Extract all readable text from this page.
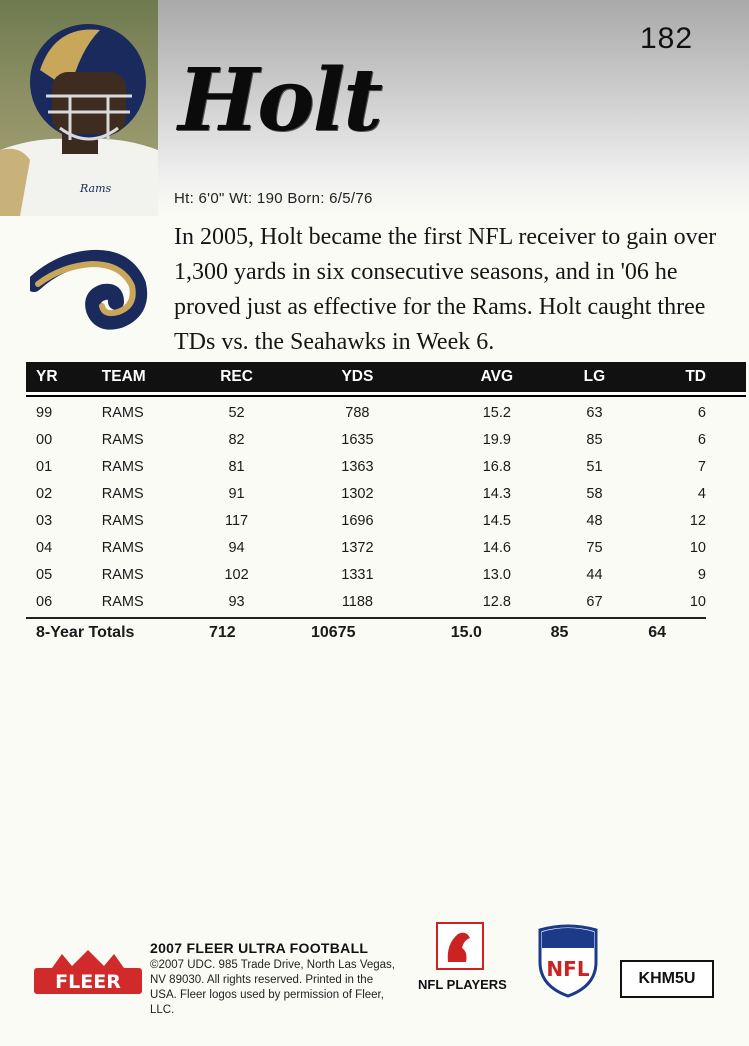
Rams
182
Holt
Ht: 6'0" Wt: 190 Born: 6/5/76
In 2005, Holt became the first NFL receiver to gain over 1,300 yards in six consecutive seasons, and in '06 he proved just as effective for the Rams. Holt caught three TDs vs. the Seahawks in Week 6.
YR	TEAM	REC	YDS	AVG	LG	TD
99	RAMS	52	788	15.2	63	6
00	RAMS	82	1635	19.9	85	6
01	RAMS	81	1363	16.8	51	7
02	RAMS	91	1302	14.3	58	4
03	RAMS	117	1696	14.5	48	12
04	RAMS	94	1372	14.6	75	10
05	RAMS	102	1331	13.0	44	9
06	RAMS	93	1188	12.8	67	10
8-Year Totals	712	10675	15.0	85	64
FLEER
2007 FLEER ULTRA FOOTBALL
©2007 UDC. 985 Trade Drive, North Las Vegas, NV 89030. All rights reserved. Printed in the USA. Fleer logos used by permission of Fleer, LLC.
NFL PLAYERS
NFL	KHM5U
